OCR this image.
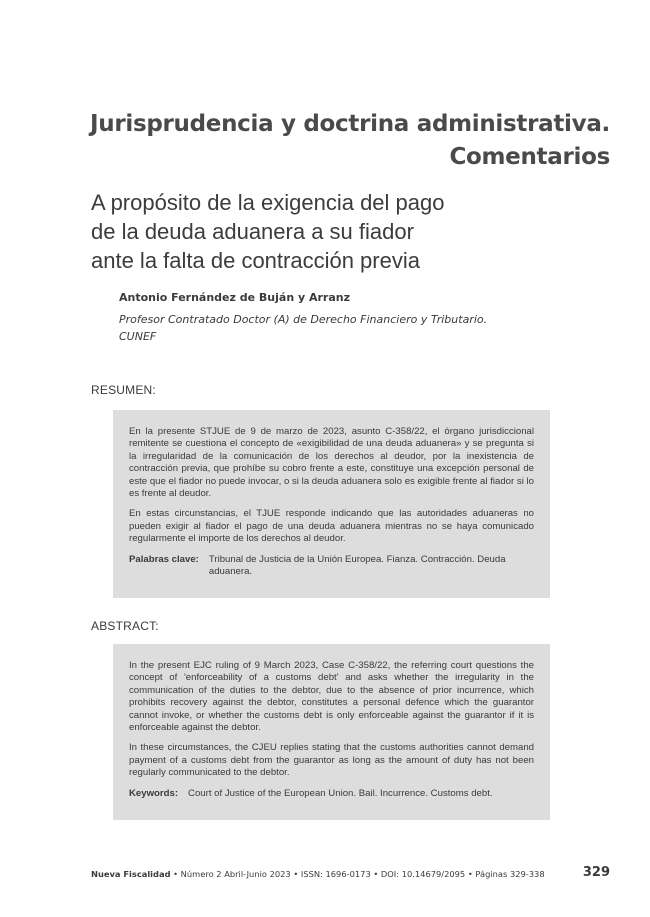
Jurisprudencia y doctrina administrativa.
Comentarios
A propósito de la exigencia del pago
de la deuda aduanera a su fiador
ante la falta de contracción previa
Antonio Fernández de Buján y Arranz
Profesor Contratado Doctor (A) de Derecho Financiero y Tributario.
CUNEF
RESUMEN:

En la presente STJUE de 9 de marzo de 2023, asunto C-358/22, el órgano jurisdiccional remitente se cuestiona el concepto de «exigibilidad de una deuda aduanera» y se pregunta si la irregularidad de la comunicación de los derechos al deudor, por la inexistencia de contracción previa, que prohíbe su cobro frente a este, constituye una excepción personal de este que el fiador no puede invocar, o si la deuda aduanera solo es exigible frente al fiador si lo es frente al deudor.

En estas circunstancias, el TJUE responde indicando que las autoridades aduaneras no pueden exigir al fiador el pago de una deuda aduanera mientras no se haya comunicado regularmente el importe de los derechos al deudor.

Palabras clave: Tribunal de Justicia de la Unión Europea. Fianza. Contracción. Deuda aduanera.
ABSTRACT:

In the present EJC ruling of 9 March 2023, Case C-358/22, the referring court questions the concept of 'enforceability of a customs debt' and asks whether the irregularity in the communication of the duties to the debtor, due to the absence of prior incurrence, which prohibits recovery against the debtor, constitutes a personal defence which the guarantor cannot invoke, or whether the customs debt is only enforceable against the guarantor if it is enforceable against the debtor.

In these circumstances, the CJEU replies stating that the customs authorities cannot demand payment of a customs debt from the guarantor as long as the amount of duty has not been regularly communicated to the debtor.

Keywords: Court of Justice of the European Union. Bail. Incurrence. Customs debt.
Nueva Fiscalidad • Número 2 Abril-Junio 2023 • ISSN: 1696-0173 • DOI: 10.14679/2095 • Páginas 329-338	329
